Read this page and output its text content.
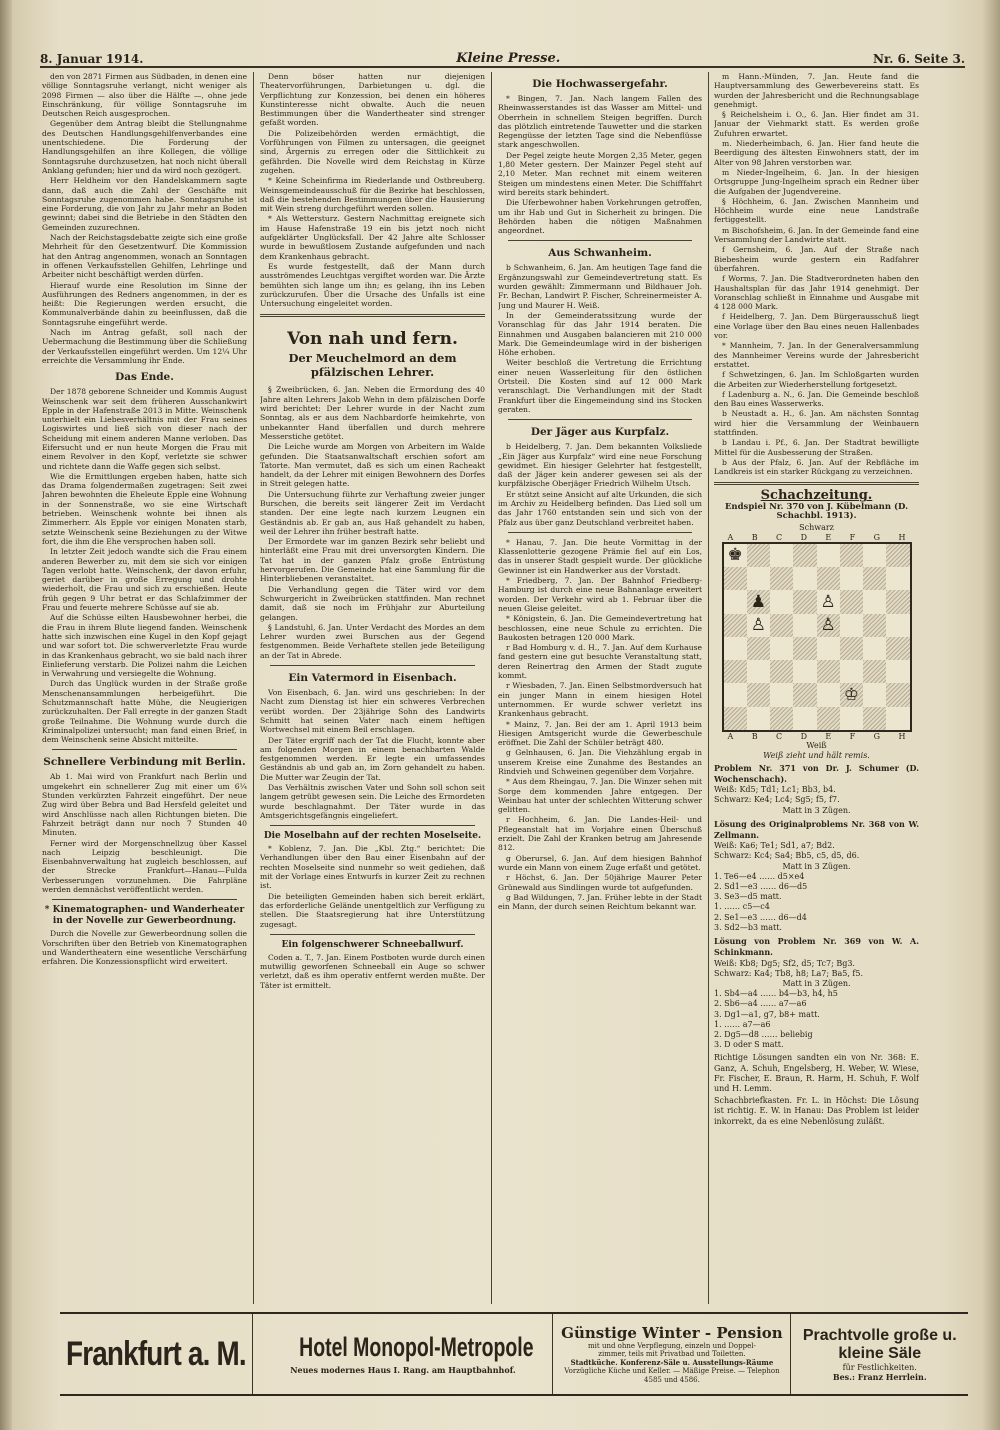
8. Januar 1914.	Kleine Presse.	Nr. 6. Seite 3.

den von 2871 Firmen aus Südbaden, in denen eine völlige Sonntagsruhe verlangt, nicht weniger als 2098 Firmen — also über die Hälfte —, ohne jede Einschränkung, für völlige Sonntagsruhe im Deutschen Reich ausgesprochen.

Gegenüber dem Antrag bleibt die Stellungnahme des Deutschen Handlungsgehilfenverbandes eine unentschiedene. Die Forderung der Handlungsgehilfen an ihre Kollegen, die völlige Sonntagsruhe durchzusetzen, hat noch nicht überall Anklang gefunden; hier und da wird noch gezögert.

Herr Heldheim vor den Handelskammern sagte dann, daß auch die Zahl der Geschäfte mit Sonntagsruhe zugenommen habe. Sonntagsruhe ist eine Forderung, die von Jahr zu Jahr mehr an Boden gewinnt; dabei sind die Betriebe in den Städten den Gemeinden zuzurechnen.

Nach der Reichstagsdebatte zeigte sich eine große Mehrheit für den Gesetzentwurf. Die Kommission hat den Antrag angenommen, wonach an Sonntagen in offenen Verkaufsstellen Gehilfen, Lehrlinge und Arbeiter nicht beschäftigt werden dürfen.

Hierauf wurde eine Resolution im Sinne der Ausführungen des Redners angenommen, in der es heißt: Die Regierungen werden ersucht, die Kommunalverbände dahin zu beeinflussen, daß die Sonntagsruhe eingeführt werde.

Nach im Antrag gefaßt, soll nach der Uebermachung die Bestimmung über die Schließung der Verkaufsstellen eingeführt werden. Um 12¼ Uhr erreichte die Versammlung ihr Ende.

Das Ende.

Der 1878 geborene Schneider und Kommis August Weinschenk war seit dem früheren Ausschankwirt Epple in der Hafenstraße 2013 in Mitte. Weinschenk unterhielt ein Liebesverhältnis mit der Frau seines Logiswirtes und ließ sich von dieser nach der Scheidung mit einem anderen Manne verloben. Das Eifersucht und er nun heute Morgen die Frau mit einem Revolver in den Kopf, verletzte sie schwer und richtete dann die Waffe gegen sich selbst.

Wie die Ermittlungen ergeben haben, hatte sich das Drama folgendermaßen zugetragen: Seit zwei Jahren bewohnten die Eheleute Epple eine Wohnung in der Sonnenstraße, wo sie eine Wirtschaft betrieben. Weinschenk wohnte bei ihnen als Zimmerherr. Als Epple vor einigen Monaten starb, setzte Weinschenk seine Beziehungen zu der Witwe fort, die ihm die Ehe versprochen haben soll.

In letzter Zeit jedoch wandte sich die Frau einem anderen Bewerber zu, mit dem sie sich vor einigen Tagen verlobt hatte. Weinschenk, der davon erfuhr, geriet darüber in große Erregung und drohte wiederholt, die Frau und sich zu erschießen. Heute früh gegen 9 Uhr betrat er das Schlafzimmer der Frau und feuerte mehrere Schüsse auf sie ab.

Auf die Schüsse eilten Hausbewohner herbei, die die Frau in ihrem Blute liegend fanden. Weinschenk hatte sich inzwischen eine Kugel in den Kopf gejagt und war sofort tot. Die schwerverletzte Frau wurde in das Krankenhaus gebracht, wo sie bald nach ihrer Einlieferung verstarb. Die Polizei nahm die Leichen in Verwahrung und versiegelte die Wohnung.

Durch das Unglück wurden in der Straße große Menschenansammlungen herbeigeführt. Die Schutzmannschaft hatte Mühe, die Neugierigen zurückzuhalten. Der Fall erregte in der ganzen Stadt große Teilnahme. Die Wohnung wurde durch die Kriminalpolizei untersucht; man fand einen Brief, in dem Weinschenk seine Absicht mitteilte.

Schnellere Verbindung mit Berlin.

Ab 1. Mai wird von Frankfurt nach Berlin und umgekehrt ein schnellerer Zug mit einer um 6¼ Stunden verkürzten Fahrzeit eingeführt. Der neue Zug wird über Bebra und Bad Hersfeld geleitet und wird Anschlüsse nach allen Richtungen bieten. Die Fahrzeit beträgt dann nur noch 7 Stunden 40 Minuten.

Ferner wird der Morgenschnellzug über Kassel nach Leipzig beschleunigt. Die Eisenbahnverwaltung hat zugleich beschlossen, auf der Strecke Frankfurt—Hanau—Fulda Verbesserungen vorzunehmen. Die Fahrpläne werden demnächst veröffentlicht werden.

* Kinematographen- und Wanderheater in der Novelle zur Gewerbeordnung.

Durch die Novelle zur Gewerbeordnung sollen die Vorschriften über den Betrieb von Kinematographen und Wandertheatern eine wesentliche Verschärfung erfahren. Die Konzessionspflicht wird erweitert.

Denn böser hatten nur diejenigen Theatervorführungen, Darbietungen u. dgl. die Verpflichtung zur Konzession, bei denen ein höheres Kunstinteresse nicht obwalte. Auch die neuen Bestimmungen über die Wandertheater sind strenger gefaßt worden.

Die Polizeibehörden werden ermächtigt, die Vorführungen von Filmen zu untersagen, die geeignet sind, Ärgernis zu erregen oder die Sittlichkeit zu gefährden. Die Novelle wird dem Reichstag in Kürze zugehen.

* Keine Scheinfirma im Riederlande und Ostbreuberg. Weinsgemeindeausschuß für die Bezirke hat beschlossen, daß die bestehenden Bestimmungen über die Hausierung mit Wein streng durchgeführt werden sollen.

* Als Wettersturz. Gestern Nachmittag ereignete sich im Hause Hafenstraße 19 ein bis jetzt noch nicht aufgeklärter Unglücksfall. Der 42 Jahre alte Schlosser wurde in bewußtlosem Zustande aufgefunden und nach dem Krankenhaus gebracht.

Es wurde festgestellt, daß der Mann durch ausströmendes Leuchtgas vergiftet worden war. Die Ärzte bemühten sich lange um ihn; es gelang, ihn ins Leben zurückzurufen. Über die Ursache des Unfalls ist eine Untersuchung eingeleitet worden.

Von nah und fern.
Der Meuchelmord an dem pfälzischen Lehrer.

§ Zweibrücken, 6. Jan. Neben die Ermordung des 40 Jahre alten Lehrers Jakob Wehn in dem pfälzischen Dorfe wird berichtet: Der Lehrer wurde in der Nacht zum Sonntag, als er aus dem Nachbardorfe heimkehrte, von unbekannter Hand überfallen und durch mehrere Messerstiche getötet.

Die Leiche wurde am Morgen von Arbeitern im Walde gefunden. Die Staatsanwaltschaft erschien sofort am Tatorte. Man vermutet, daß es sich um einen Racheakt handelt, da der Lehrer mit einigen Bewohnern des Dorfes in Streit gelegen hatte.

Die Untersuchung führte zur Verhaftung zweier junger Burschen, die bereits seit längerer Zeit im Verdacht standen. Der eine legte nach kurzem Leugnen ein Geständnis ab. Er gab an, aus Haß gehandelt zu haben, weil der Lehrer ihn früher bestraft hatte.

Der Ermordete war im ganzen Bezirk sehr beliebt und hinterläßt eine Frau mit drei unversorgten Kindern. Die Tat hat in der ganzen Pfalz große Entrüstung hervorgerufen. Die Gemeinde hat eine Sammlung für die Hinterbliebenen veranstaltet.

Die Verhandlung gegen die Täter wird vor dem Schwurgericht in Zweibrücken stattfinden. Man rechnet damit, daß sie noch im Frühjahr zur Aburteilung gelangen.

§ Landstuhl, 6. Jan. Unter Verdacht des Mordes an dem Lehrer wurden zwei Burschen aus der Gegend festgenommen. Beide Verhaftete stellen jede Beteiligung an der Tat in Abrede.

Ein Vatermord in Eisenbach.

Von Eisenbach, 6. Jan. wird uns geschrieben: In der Nacht zum Dienstag ist hier ein schweres Verbrechen verübt worden. Der 23jährige Sohn des Landwirts Schmitt hat seinen Vater nach einem heftigen Wortwechsel mit einem Beil erschlagen.

Der Täter ergriff nach der Tat die Flucht, konnte aber am folgenden Morgen in einem benachbarten Walde festgenommen werden. Er legte ein umfassendes Geständnis ab und gab an, im Zorn gehandelt zu haben. Die Mutter war Zeugin der Tat.

Das Verhältnis zwischen Vater und Sohn soll schon seit langem getrübt gewesen sein. Die Leiche des Ermordeten wurde beschlagnahmt. Der Täter wurde in das Amtsgerichtsgefängnis eingeliefert.

Die Moselbahn auf der rechten Moselseite.

* Koblenz, 7. Jan. Die „Kbl. Ztg.“ berichtet: Die Verhandlungen über den Bau einer Eisenbahn auf der rechten Moselseite sind nunmehr so weit gediehen, daß mit der Vorlage eines Entwurfs in kurzer Zeit zu rechnen ist.

Die beteiligten Gemeinden haben sich bereit erklärt, das erforderliche Gelände unentgeltlich zur Verfügung zu stellen. Die Staatsregierung hat ihre Unterstützung zugesagt.

Ein folgenschwerer Schneeballwurf.

Coden a. T., 7. Jan. Einem Postboten wurde durch einen mutwillig geworfenen Schneeball ein Auge so schwer verletzt, daß es ihm operativ entfernt werden mußte. Der Täter ist ermittelt.

Die Hochwassergefahr.

* Bingen, 7. Jan. Nach langem Fallen des Rheinwasserstandes ist das Wasser am Mittel- und Oberrhein in schnellem Steigen begriffen. Durch das plötzlich eintretende Tauwetter und die starken Regengüsse der letzten Tage sind die Nebenflüsse stark angeschwollen.

Der Pegel zeigte heute Morgen 2,35 Meter, gegen 1,80 Meter gestern. Der Mainzer Pegel steht auf 2,10 Meter. Man rechnet mit einem weiteren Steigen um mindestens einen Meter. Die Schifffahrt wird bereits stark behindert.

Die Uferbewohner haben Vorkehrungen getroffen, um ihr Hab und Gut in Sicherheit zu bringen. Die Behörden haben die nötigen Maßnahmen angeordnet.

Aus Schwanheim.

b Schwanheim, 6. Jan. Am heutigen Tage fand die Ergänzungswahl zur Gemeindevertretung statt. Es wurden gewählt: Zimmermann und Bildhauer Joh. Fr. Bechan, Landwirt P. Fischer, Schreinermeister A. Jung und Maurer H. Weiß.

In der Gemeinderatssitzung wurde der Voranschlag für das Jahr 1914 beraten. Die Einnahmen und Ausgaben balancieren mit 210 000 Mark. Die Gemeindeumlage wird in der bisherigen Höhe erhoben.

Weiter beschloß die Vertretung die Errichtung einer neuen Wasserleitung für den östlichen Ortsteil. Die Kosten sind auf 12 000 Mark veranschlagt. Die Verhandlungen mit der Stadt Frankfurt über die Eingemeindung sind ins Stocken geraten.

Der Jäger aus Kurpfalz.

b Heidelberg, 7. Jan. Dem bekannten Volksliede „Ein Jäger aus Kurpfalz“ wird eine neue Forschung gewidmet. Ein hiesiger Gelehrter hat festgestellt, daß der Jäger kein anderer gewesen sei als der kurpfälzische Oberjäger Friedrich Wilhelm Utsch.

Er stützt seine Ansicht auf alte Urkunden, die sich im Archiv zu Heidelberg befinden. Das Lied soll um das Jahr 1760 entstanden sein und sich von der Pfalz aus über ganz Deutschland verbreitet haben.

* Hanau, 7. Jan. Die heute Vormittag in der Klassenlotterie gezogene Prämie fiel auf ein Los, das in unserer Stadt gespielt wurde. Der glückliche Gewinner ist ein Handwerker aus der Vorstadt.

* Friedberg, 7. Jan. Der Bahnhof Friedberg-Hamburg ist durch eine neue Bahnanlage erweitert worden. Der Verkehr wird ab 1. Februar über die neuen Gleise geleitet.

* Königstein, 6. Jan. Die Gemeindevertretung hat beschlossen, eine neue Schule zu errichten. Die Baukosten betragen 120 000 Mark.

r Bad Homburg v. d. H., 7. Jan. Auf dem Kurhause fand gestern eine gut besuchte Veranstaltung statt, deren Reinertrag den Armen der Stadt zugute kommt.

r Wiesbaden, 7. Jan. Einen Selbstmordversuch hat ein junger Mann in einem hiesigen Hotel unternommen. Er wurde schwer verletzt ins Krankenhaus gebracht.

* Mainz, 7. Jan. Bei der am 1. April 1913 beim Hiesigen Amtsgericht wurde die Gewerbeschule eröffnet. Die Zahl der Schüler beträgt 480.

g Gelnhausen, 6. Jan. Die Viehzählung ergab in unserem Kreise eine Zunahme des Bestandes an Rindvieh und Schweinen gegenüber dem Vorjahre.

* Aus dem Rheingau, 7. Jan. Die Winzer sehen mit Sorge dem kommenden Jahre entgegen. Der Weinbau hat unter der schlechten Witterung schwer gelitten.

r Hochheim, 6. Jan. Die Landes-Heil- und Pflegeanstalt hat im Vorjahre einen Überschuß erzielt. Die Zahl der Kranken betrug am Jahresende 812.

g Oberursel, 6. Jan. Auf dem hiesigen Bahnhof wurde ein Mann von einem Zuge erfaßt und getötet.

r Höchst, 6. Jan. Der 50jährige Maurer Peter Grünewald aus Sindlingen wurde tot aufgefunden.

g Bad Wildungen, 7. Jan. Früher lebte in der Stadt ein Mann, der durch seinen Reichtum bekannt war.

m Hann.-Münden, 7. Jan. Heute fand die Hauptversammlung des Gewerbevereins statt. Es wurden der Jahresbericht und die Rechnungsablage genehmigt.

§ Reichelsheim i. O., 6. Jan. Hier findet am 31. Januar der Viehmarkt statt. Es werden große Zufuhren erwartet.

m. Niederheimbach, 6. Jan. Hier fand heute die Beerdigung des ältesten Einwohners statt, der im Alter von 98 Jahren verstorben war.

m Nieder-Ingelheim, 6. Jan. In der hiesigen Ortsgruppe Jung-Ingelheim sprach ein Redner über die Aufgaben der Jugendvereine.

§ Höchheim, 6. Jan. Zwischen Mannheim und Höchheim wurde eine neue Landstraße fertiggestellt.

m Bischofsheim, 6. Jan. In der Gemeinde fand eine Versammlung der Landwirte statt.

f Gernsheim, 6. Jan. Auf der Straße nach Biebesheim wurde gestern ein Radfahrer überfahren.

f Worms, 7. Jan. Die Stadtverordneten haben den Haushaltsplan für das Jahr 1914 genehmigt. Der Voranschlag schließt in Einnahme und Ausgabe mit 4 128 000 Mark.

f Heidelberg, 7. Jan. Dem Bürgerausschuß liegt eine Vorlage über den Bau eines neuen Hallenbades vor.

* Mannheim, 7. Jan. In der Generalversammlung des Mannheimer Vereins wurde der Jahresbericht erstattet.

f Schwetzingen, 6. Jan. Im Schloßgarten wurden die Arbeiten zur Wiederherstellung fortgesetzt.

f Ladenburg a. N., 6. Jan. Die Gemeinde beschloß den Bau eines Wasserwerks.

b Neustadt a. H., 6. Jan. Am nächsten Sonntag wird hier die Versammlung der Weinbauern stattfinden.

b Landau i. Pf., 6. Jan. Der Stadtrat bewilligte Mittel für die Ausbesserung der Straßen.

b Aus der Pfalz, 6. Jan. Auf der Rebfläche im Landkreis ist ein starker Rückgang zu verzeichnen.

Schachzeitung.
Endspiel Nr. 370 von J. Kübelmann (D. Schachbl. 1913).
Schwarz
A B C D E F G H
♚
♟	♙
♙	♙
♔
A B C D E F G H
Weiß
Weiß zieht und hält remis.
Problem Nr. 371 von Dr. J. Schumer (D. Wochenschach).
Weiß: Kd5; Td1; Lc1; Bb3, b4.
Schwarz: Ke4; Lc4; Sg5; f5, f7.
Matt in 3 Zügen.
Lösung des Originalproblems Nr. 368 von W. Zellmann.
Weiß: Ka6; Te1; Sd1, a7; Bd2.
Schwarz: Kc4; Sa4; Bb5, c5, d5, d6.
Matt in 3 Zügen.
1. Te6—e4 …… d5×e4
2. Sd1—e3 …… d6—d5
3. Se3—d5 matt.
1. …… c5—c4
2. Se1—e3 …… d6—d4
3. Sd2—b3 matt.
Lösung von Problem Nr. 369 von W. A. Schinkmann.
Weiß: Kb8; Dg5; Sf2, d5; Tc7; Bg3.
Schwarz: Ka4; Tb8, h8; La7; Ba5, f5.
Matt in 3 Zügen.
1. Sb4—a4 …… b4—b3, h4, h5
2. Sb6—a4 …… a7—a6
3. Dg1—a1, g7, b8+ matt.
1. …… a7—a6
2. Dg5—d8 …… beliebig
3. D oder S matt.
Richtige Lösungen sandten ein von Nr. 368: E. Ganz, A. Schuh, Engelsberg, H. Weber, W. Wiese, Fr. Fischer, E. Braun, R. Harm, H. Schuh, F. Wolf und H. Lemm.
Schachbriefkasten. Fr. L. in Höchst: Die Lösung ist richtig. E. W. in Hanau: Das Problem ist leider inkorrekt, da es eine Nebenlösung zuläßt.
Frankfurt a. M. Hotel Monopol-Metropole
Neues modernes Haus I. Rang. am Hauptbahnhof.
Günstige Winter - Pension
mit und ohne Verpflegung, einzeln und Doppel-
zimmer, teils mit Privatbad und Toiletten.
Stadtküche. Konferenz-Säle u. Ausstellungs-Räume
Vorzügliche Küche und Keller. — Mäßige Preise. — Telephon 4585 und 4586.
Prachtvolle große u. kleine Säle
für Festlichkeiten.
Bes.: Franz Herrlein.
